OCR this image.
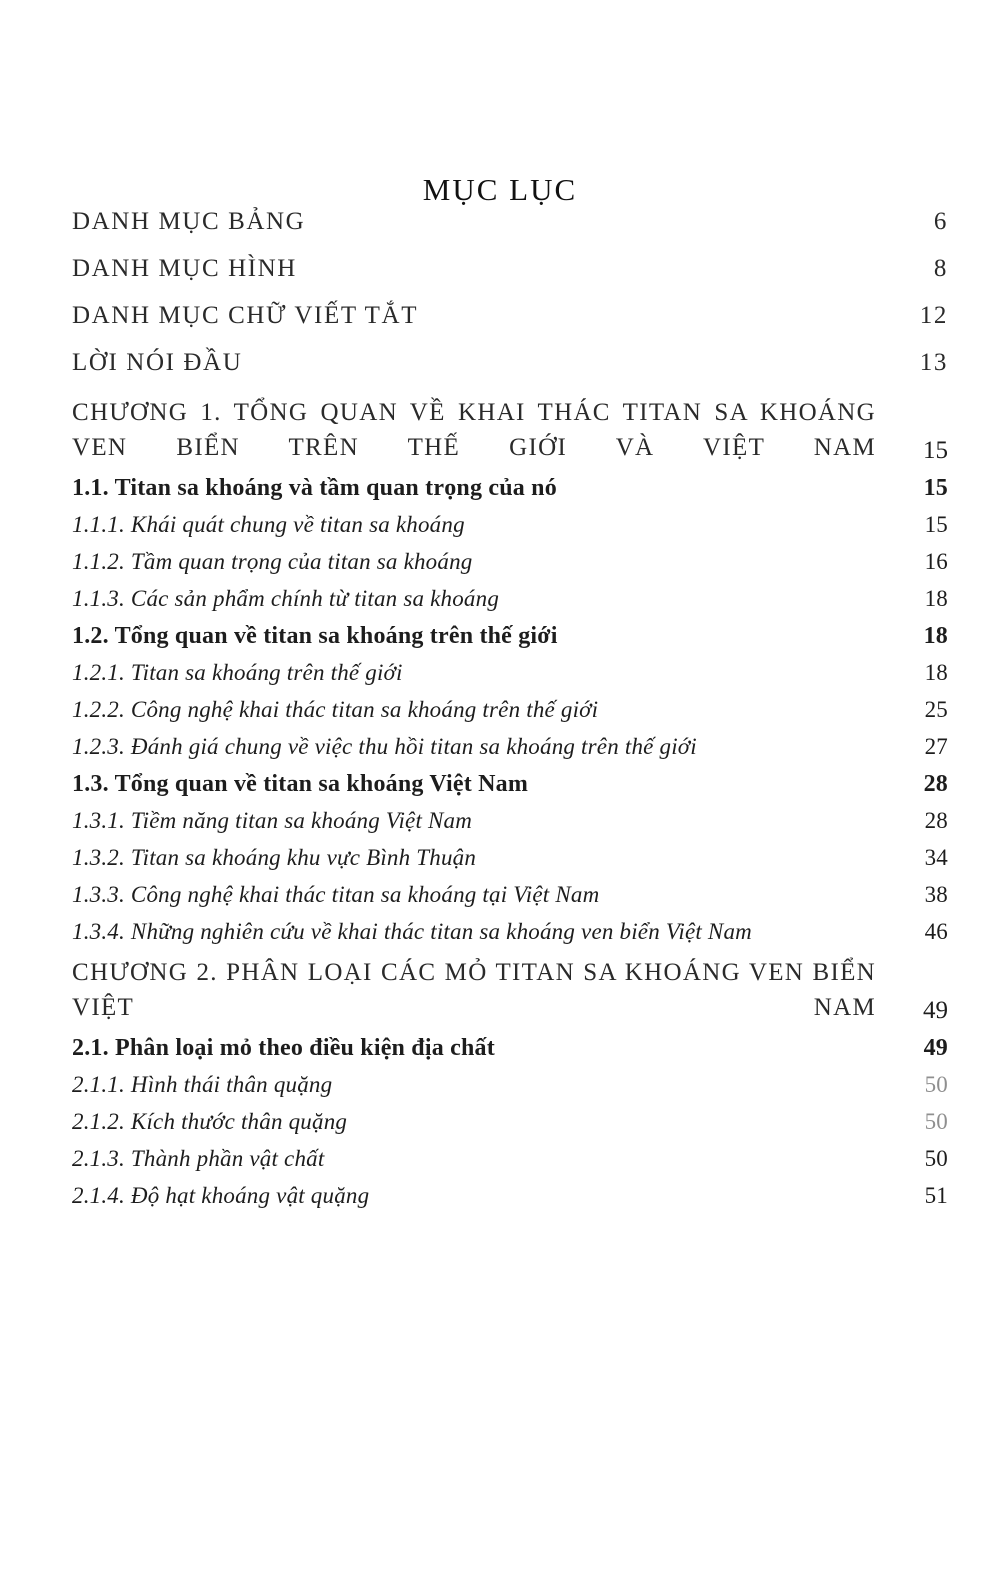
MỤC LỤC
DANH MỤC BẢNG	6
DANH MỤC HÌNH	8
DANH MỤC CHỮ VIẾT TẮT	12
LỜI NÓI ĐẦU	13
CHƯƠNG 1. TỔNG QUAN VỀ KHAI THÁC TITAN SA KHOÁNG VEN BIỂN TRÊN THẾ GIỚI VÀ VIỆT NAM	15
1.1. Titan sa khoáng và tầm quan trọng của nó	15
1.1.1. Khái quát chung về titan sa khoáng	15
1.1.2. Tầm quan trọng của titan sa khoáng	16
1.1.3. Các sản phẩm chính từ titan sa khoáng	18
1.2. Tổng quan về titan sa khoáng trên thế giới	18
1.2.1. Titan sa khoáng trên thế giới	18
1.2.2. Công nghệ khai thác titan sa khoáng trên thế giới	25
1.2.3. Đánh giá chung về việc thu hồi titan sa khoáng trên thế giới	27
1.3. Tổng quan về titan sa khoáng Việt Nam	28
1.3.1. Tiềm năng titan sa khoáng Việt Nam	28
1.3.2. Titan sa khoáng khu vực Bình Thuận	34
1.3.3. Công nghệ khai thác titan sa khoáng tại Việt Nam	38
1.3.4. Những nghiên cứu về khai thác titan sa khoáng ven biển Việt Nam	46
CHƯƠNG 2. PHÂN LOẠI CÁC MỎ TITAN SA KHOÁNG VEN BIỂN VIỆT NAM	49
2.1. Phân loại mỏ theo điều kiện địa chất	49
2.1.1. Hình thái thân quặng	50
2.1.2. Kích thước thân quặng	50
2.1.3. Thành phần vật chất	50
2.1.4. Độ hạt khoáng vật quặng	51
